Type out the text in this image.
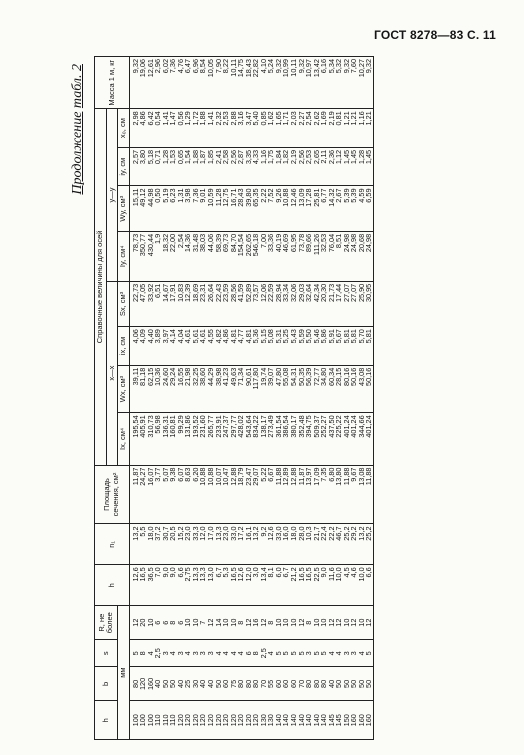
ГОСТ 8278—83 С. 11
Продолжение табл. 2
h	b	s	R, не более	h	n₁	Площадь сечения, см²	Справочные величины для осей								Масса 1 м, кг
							x—x				y—y				
мм							Ix, см⁴	Wx, см³	ix, см	Sx, см³	Iy, см⁴	Wy, см³	iy, см	x₀, см	
100	80	5	12	12,6	13,2	11,87	195,54	39,11	4,06	22,73	78,73	15,11	2,57	2,98	9,32
100	120	8	20	16,5	5,5	24,27	405,91	81,18	4,09	47,05	350,77	49,12	3,80	4,86	19,06
100	160	4	10	36,5	18,0	16,07	310,73	62,15	4,40	33,92	430,44	44,98	5,18	6,42	12,61
110	40	2,5	6	7,0	37,2	3,77	56,98	10,36	3,89	6,51	1,9	0,50	0,71	0,54	2,96
110	50	3	6	9,0	30,7	5,07	136,31	24,60	3,97	14,67	18,32	5,19	1,28	1,41	6,02
110	50	4	8	9,0	20,5	9,38	160,81	29,24	4,14	17,91	22,00	6,23	1,53	1,47	7,36
120	40	3	6	6,6	15,2	6,07	99,29	16,55	4,04	10,83	2,54	1,31	0,65	0,56	4,76
120	25	4	10	2,75	23,0	8,63	131,86	21,98	4,61	12,39	14,36	3,98	1,54	1,29	6,47
120	30	3	10	13,3	33,3	6,20	193,52	32,25	5,61	18,69	31,48	7,36	1,88	1,72	6,96
120	40	3	7	13,3	12,0	10,88	231,60	38,60	4,61	23,31	38,03	9,01	1,87	1,88	8,54
120	40	3	12	13,0	17,0	10,88	265,77	44,29	4,55	26,64	44,06	10,59	1,85	1,41	10,05
120	50	4	14	6,7	13,3	10,07	233,91	38,98	4,82	22,43	58,39	11,28	2,41	2,32	7,90
120	60	4	10	5,3	23,0	10,47	247,37	41,23	4,86	23,59	69,73	12,75	2,58	2,53	8,22
120	75	4	10	16,5	33,0	12,88	297,77	49,63	4,81	28,56	84,70	16,71	2,56	2,88	10,11
120	80	4	8	12,6	17,2	18,79	428,02	71,34	4,77	41,59	154,54	28,43	2,87	3,16	14,75
120	80	6	12	12,0	16,1	23,47	543,64	90,61	4,81	52,89	262,65	39,80	3,35	3,47	18,43
120	80	8	16	3,0	13,2	29,07	834,22	117,80	5,36	73,57	546,18	65,35	4,33	5,40	22,82
130	70	2,5	12	13,4	9,2	5,22	138,17	19,74	5,15	12,06	7,00	2,22	1,16	0,85	4,10
130	55	4	8	8,1	12,6	6,67	273,49	39,07	5,08	22,59	33,36	7,52	1,75	1,62	5,24
140	60	5	10	6,0	33,0	11,88	361,54	47,80	5,31	28,94	40,19	9,26	1,84	1,65	9,32
140	60	5	10	6,7	16,0	12,89	386,54	55,08	5,25	33,34	46,69	10,88	1,82	1,71	10,99
140	60	5	10	21,2	18,0	12,88	380,17	54,31	5,43	32,06	61,95	12,46	2,19	2,03	10,11
140	70	5	12	16,5	28,0	11,87	352,48	50,35	5,59	29,03	73,78	13,09	2,56	2,27	9,32
140	80	3	8	16,5	10,3	13,97	394,75	56,39	5,50	32,64	89,66	17,28	2,53	2,54	10,97
140	80	5	10	22,5	21,7	17,09	509,37	72,77	5,46	42,34	111,26	25,81	2,65	2,62	13,42
140	80	5	10	9,0	22,4	7,35	252,27	34,80	5,86	20,30	32,53	6,77	2,11	1,69	6,16
145	40	4	12	11,6	22,2	6,80	437,50	60,34	5,91	21,73	76,04	14,32	2,36	2,19	5,34
145	50	4	12	10,0	46,7	13,80	225,22	28,15	5,67	17,44	8,51	2,67	1,12	0,81	5,32
150	50	3	10	4,5	25,2	11,88	401,24	80,16	5,81	27,07	24,98	5,39	1,45	1,21	9,32
160	50	3	12	4,6	29,2	9,67	401,24	50,16	5,81	27,07	24,98	5,39	1,45	1,21	7,60
160	50	4	10	10,0	13,2	13,08	344,66	43,08	5,70	25,90	20,68	4,59	1,28	1,16	10,27
160	50	5	12	6,6	25,2	11,88	401,24	50,16	5,81	30,95	24,98	6,59	1,45	1,21	9,32
